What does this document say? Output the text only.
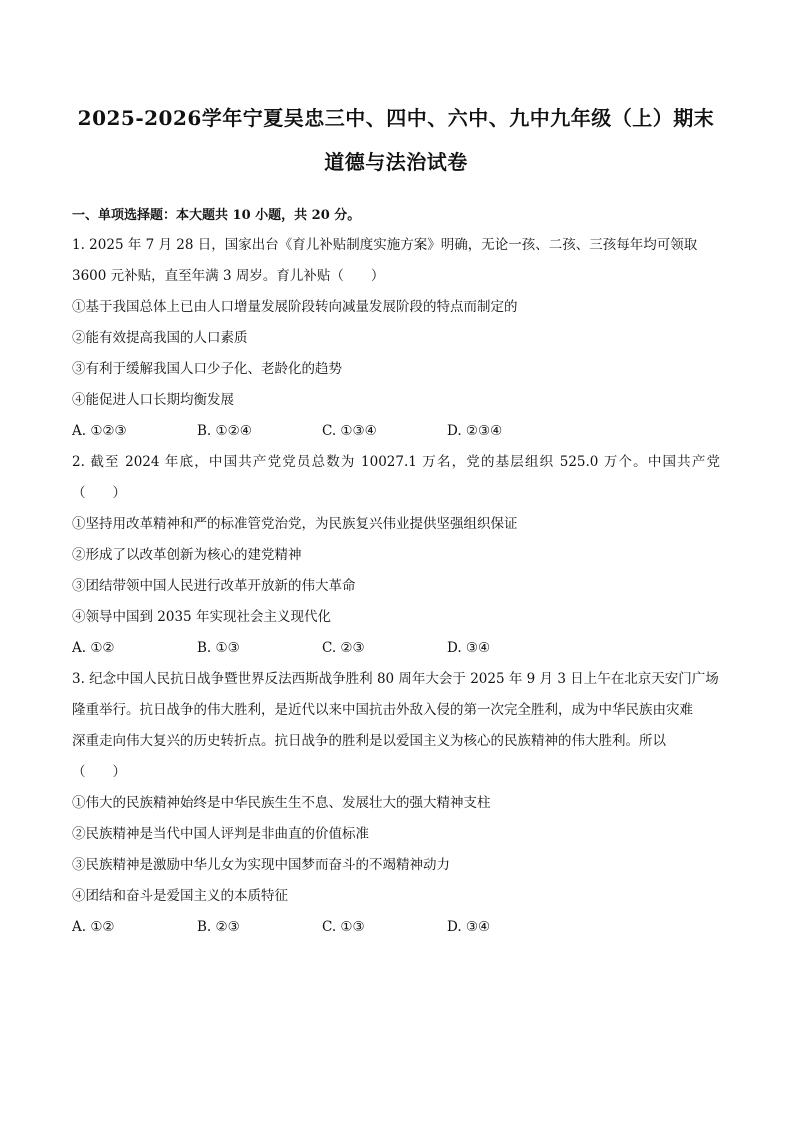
2025-2026学年宁夏吴忠三中、四中、六中、九中九年级（上）期末
道德与法治试卷
一、单项选择题：本大题共 10 小题，共 20 分。

1. 2025 年 7 月 28 日，国家出台《育儿补贴制度实施方案》明确，无论一孩、二孩、三孩每年均可领取

3600 元补贴，直至年满 3 周岁。育儿补贴（　　）

①基于我国总体上已由人口增量发展阶段转向减量发展阶段的特点而制定的

②能有效提高我国的人口素质

③有利于缓解我国人口少子化、老龄化的趋势

④能促进人口长期均衡发展

A. ①②③	B. ①②④	C. ①③④	D. ②③④

2. 截至 2024 年底，中国共产党党员总数为 10027.1 万名，党的基层组织 525.0 万个。中国共产党（　　）

①坚持用改革精神和严的标准管党治党，为民族复兴伟业提供坚强组织保证

②形成了以改革创新为核心的建党精神

③团结带领中国人民进行改革开放新的伟大革命

④领导中国到 2035 年实现社会主义现代化

A. ①②	B. ①③	C. ②③	D. ③④

3. 纪念中国人民抗日战争暨世界反法西斯战争胜利 80 周年大会于 2025 年 9 月 3 日上午在北京天安门广场

隆重举行。抗日战争的伟大胜利，是近代以来中国抗击外敌入侵的第一次完全胜利，成为中华民族由灾难

深重走向伟大复兴的历史转折点。抗日战争的胜利是以爱国主义为核心的民族精神的伟大胜利。所以

（　　）

①伟大的民族精神始终是中华民族生生不息、发展壮大的强大精神支柱

②民族精神是当代中国人评判是非曲直的价值标准

③民族精神是激励中华儿女为实现中国梦而奋斗的不竭精神动力

④团结和奋斗是爱国主义的本质特征

A. ①②	B. ②③	C. ①③	D. ③④
